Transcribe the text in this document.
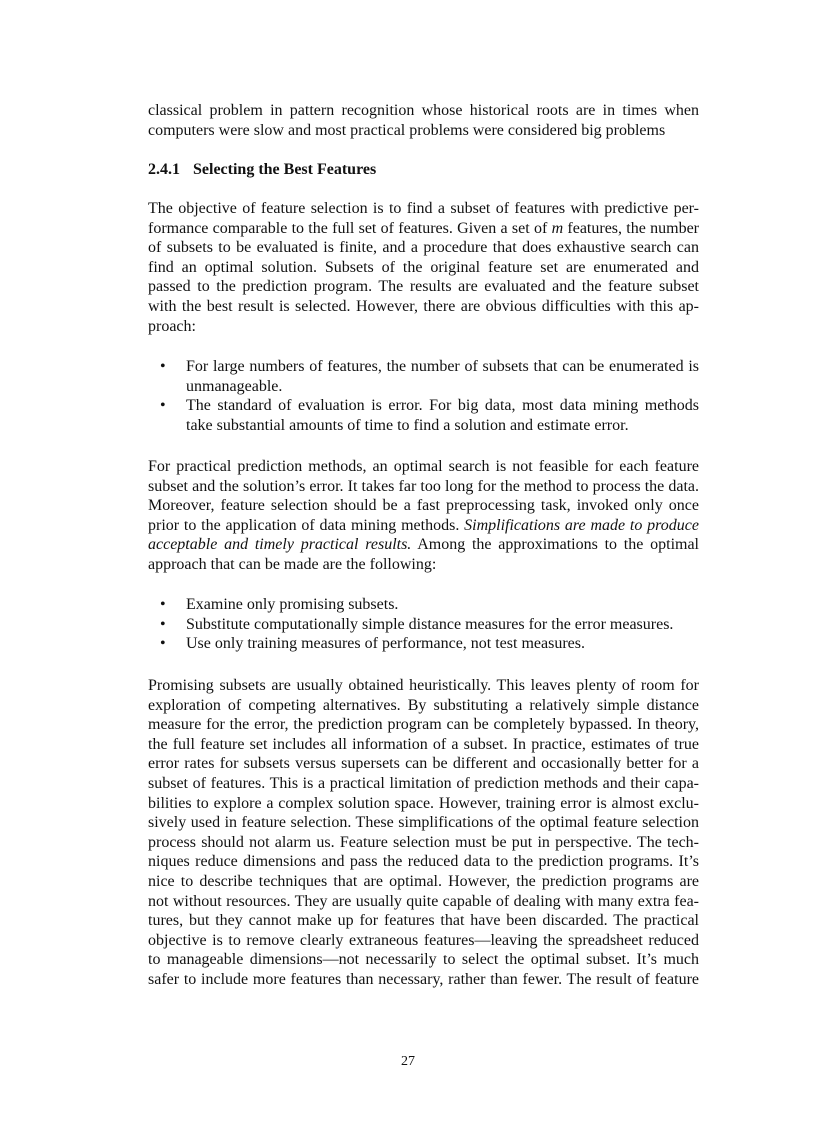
classical problem in pattern recognition whose historical roots are in times when
computers were slow and most practical problems were considered big problems
2.4.1 Selecting the Best Features
The objective of feature selection is to find a subset of features with predictive per-
formance comparable to the full set of features. Given a set of m features, the number
of subsets to be evaluated is finite, and a procedure that does exhaustive search can
find an optimal solution. Subsets of the original feature set are enumerated and
passed to the prediction program. The results are evaluated and the feature subset
with the best result is selected. However, there are obvious difficulties with this ap-
proach:
• For large numbers of features, the number of subsets that can be enumerated is
unmanageable.
• The standard of evaluation is error. For big data, most data mining methods
take substantial amounts of time to find a solution and estimate error.
For practical prediction methods, an optimal search is not feasible for each feature
subset and the solution’s error. It takes far too long for the method to process the data.
Moreover, feature selection should be a fast preprocessing task, invoked only once
prior to the application of data mining methods. Simplifications are made to produce
acceptable and timely practical results. Among the approximations to the optimal
approach that can be made are the following:
• Examine only promising subsets.
• Substitute computationally simple distance measures for the error measures.
• Use only training measures of performance, not test measures.
Promising subsets are usually obtained heuristically. This leaves plenty of room for
exploration of competing alternatives. By substituting a relatively simple distance
measure for the error, the prediction program can be completely bypassed. In theory,
the full feature set includes all information of a subset. In practice, estimates of true
error rates for subsets versus supersets can be different and occasionally better for a
subset of features. This is a practical limitation of prediction methods and their capa-
bilities to explore a complex solution space. However, training error is almost exclu-
sively used in feature selection. These simplifications of the optimal feature selection
process should not alarm us. Feature selection must be put in perspective. The tech-
niques reduce dimensions and pass the reduced data to the prediction programs. It’s
nice to describe techniques that are optimal. However, the prediction programs are
not without resources. They are usually quite capable of dealing with many extra fea-
tures, but they cannot make up for features that have been discarded. The practical
objective is to remove clearly extraneous features—leaving the spreadsheet reduced
to manageable dimensions—not necessarily to select the optimal subset. It’s much
safer to include more features than necessary, rather than fewer. The result of feature
27
